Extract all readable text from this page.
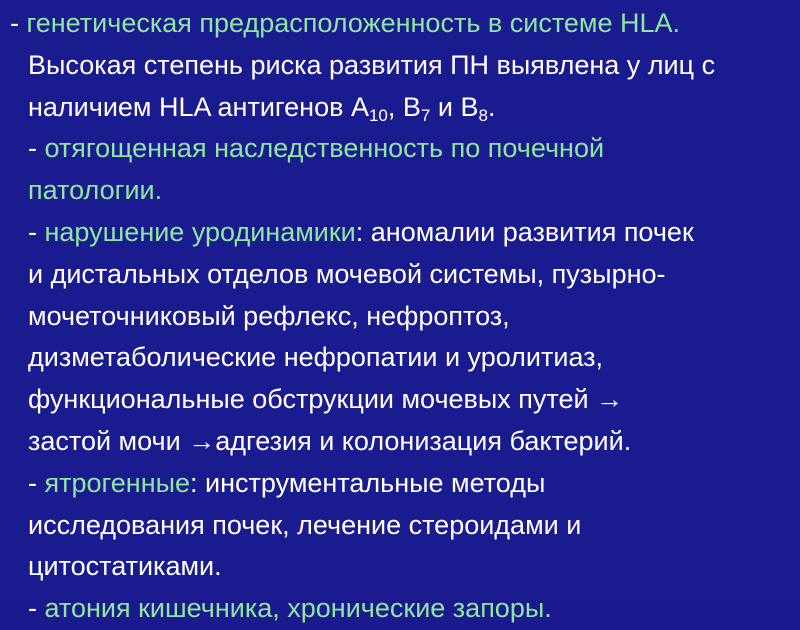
- генетическая предрасположенность в системе HLA.
Высокая степень риска развития ПН выявлена у лиц с
наличием HLA антигенов $А_{10}$, $В_7$ и $В_8$.
- отягощенная наследственность по почечной
патологии.
- нарушение уродинамики: аномалии развития почек
и дистальных отделов мочевой системы, пузырно-
мочеточниковый рефлекс, нефроптоз,
дизметаболические нефропатии и уролитиаз,
функциональные обструкции мочевых путей →
застой мочи →адгезия и колонизация бактерий.
- ятрогенные: инструментальные методы
исследования почек, лечение стероидами и
цитостатиками.
- атония кишечника, хронические запоры.
